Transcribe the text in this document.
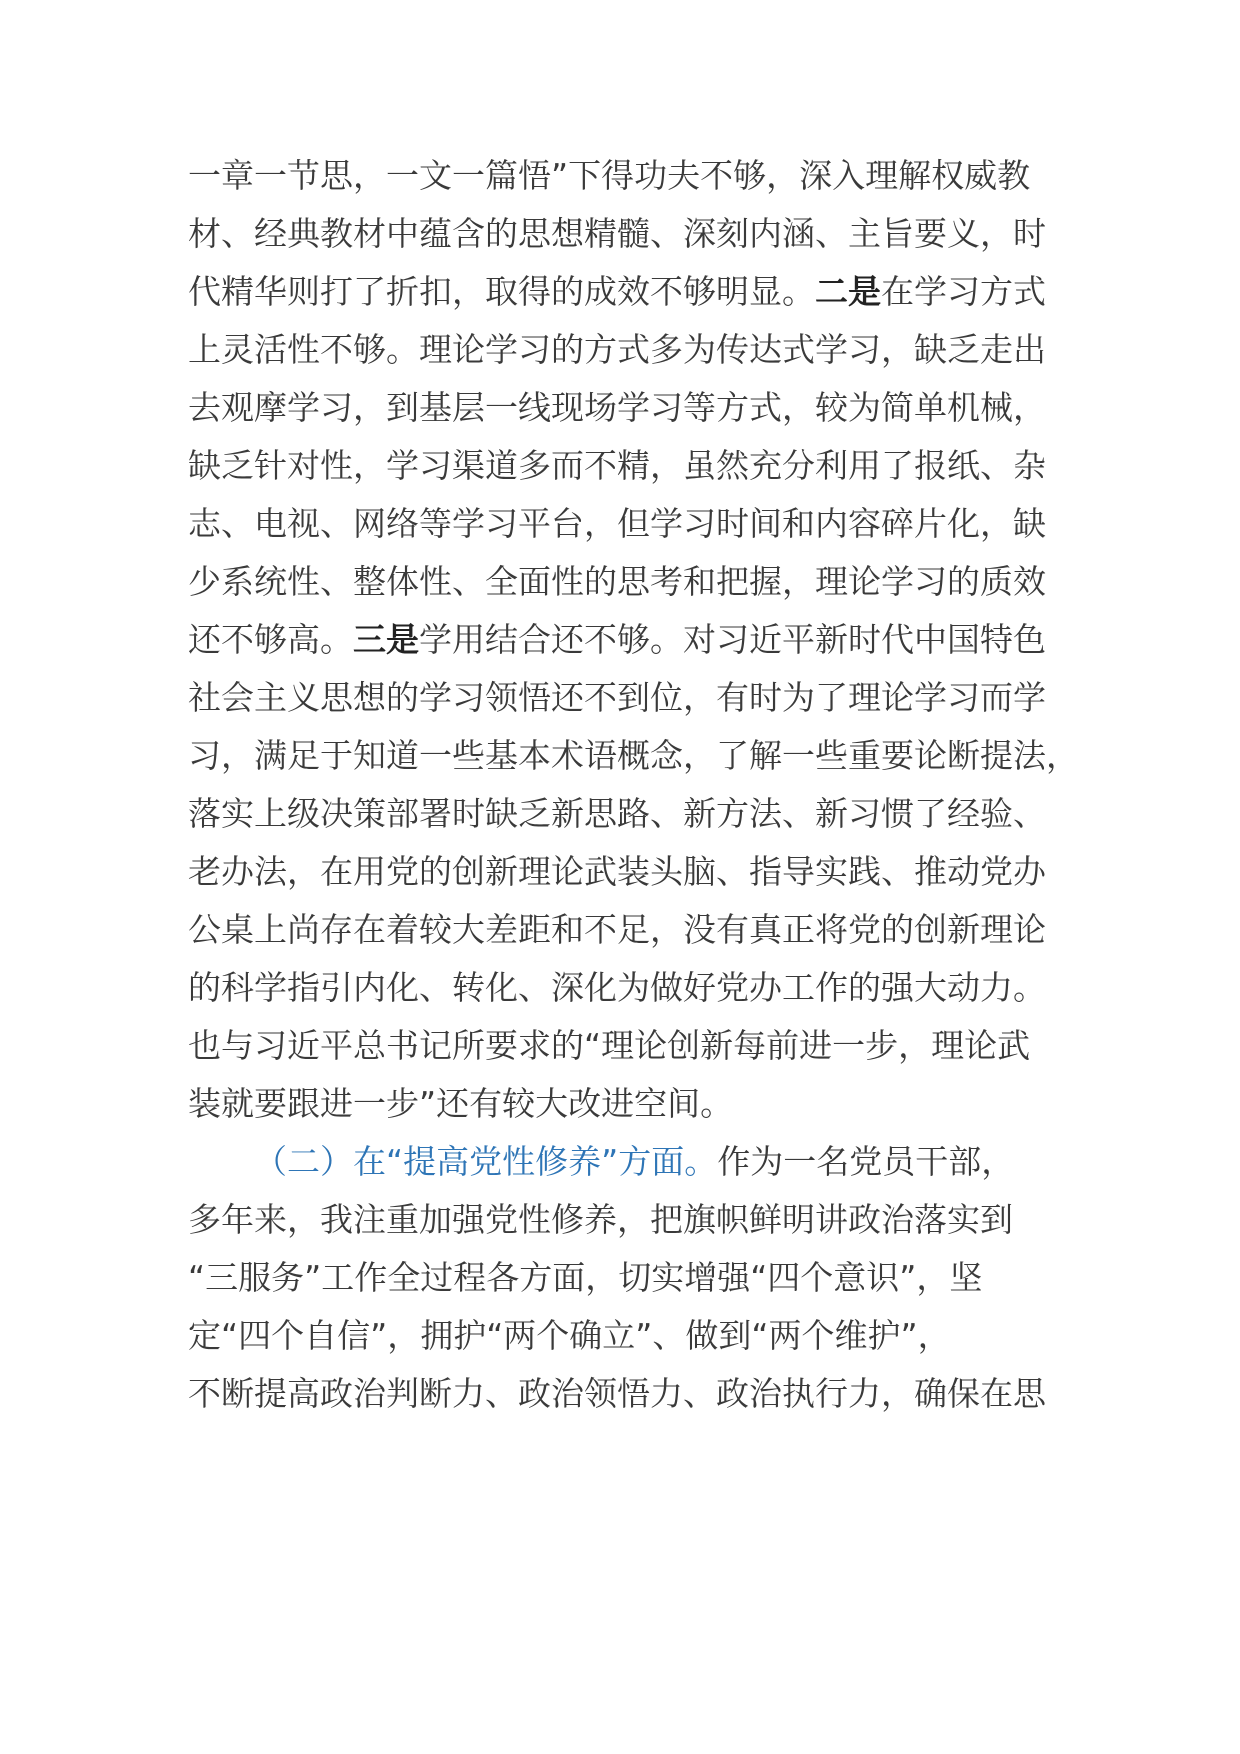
一章一节思，一文一篇悟”下得功夫不够，深入理解权威教
材、经典教材中蕴含的思想精髓、深刻内涵、主旨要义，时
代精华则打了折扣，取得的成效不够明显。二是在学习方式
上灵活性不够。理论学习的方式多为传达式学习，缺乏走出
去观摩学习，到基层一线现场学习等方式，较为简单机械，
缺乏针对性，学习渠道多而不精，虽然充分利用了报纸、杂
志、电视、网络等学习平台，但学习时间和内容碎片化，缺
少系统性、整体性、全面性的思考和把握，理论学习的质效
还不够高。三是学用结合还不够。对习近平新时代中国特色
社会主义思想的学习领悟还不到位，有时为了理论学习而学
习，满足于知道一些基本术语概念，了解一些重要论断提法，
落实上级决策部署时缺乏新思路、新方法、新习惯了经验、
老办法，在用党的创新理论武装头脑、指导实践、推动党办
公桌上尚存在着较大差距和不足，没有真正将党的创新理论
的科学指引内化、转化、深化为做好党办工作的强大动力。
也与习近平总书记所要求的“理论创新每前进一步，理论武
装就要跟进一步”还有较大改进空间。
（二）在“提高党性修养”方面。作为一名党员干部，
多年来，我注重加强党性修养，把旗帜鲜明讲政治落实到
“三服务”工作全过程各方面，切实增强“四个意识”，坚
定“四个自信”，拥护“两个确立”、做到“两个维护”，
不断提高政治判断力、政治领悟力、政治执行力，确保在思
